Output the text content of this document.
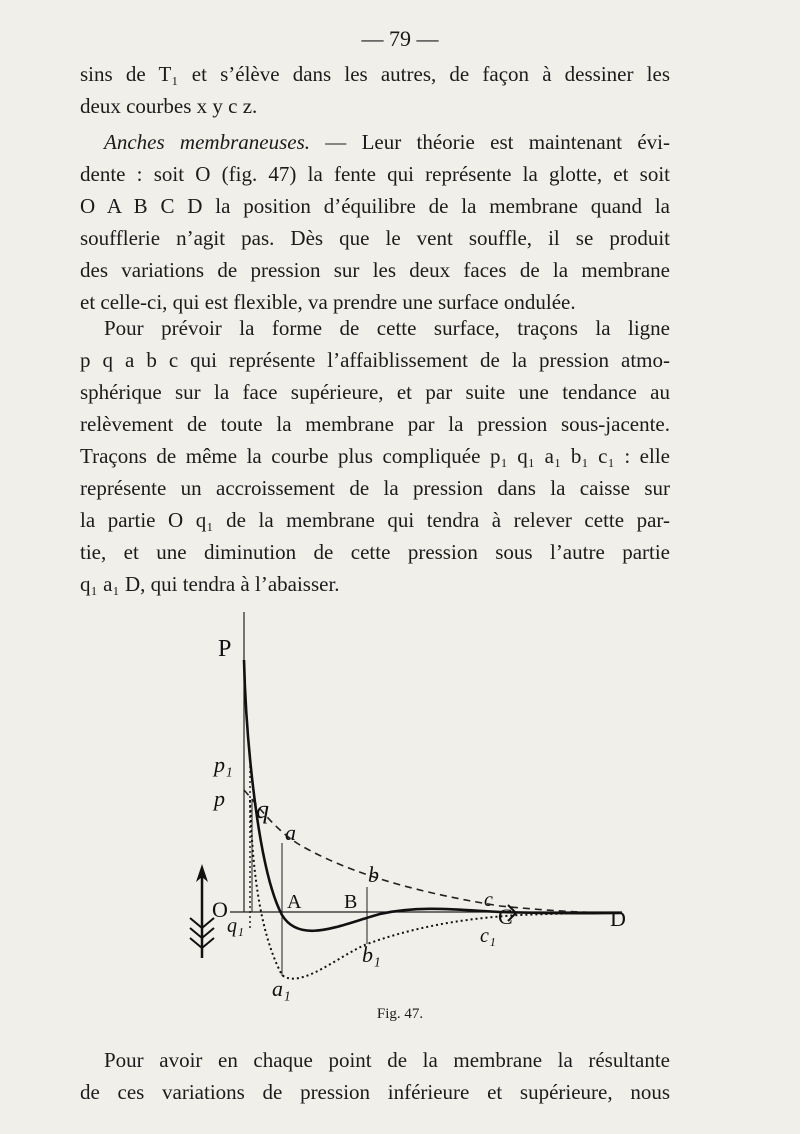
— 79 —
sins de T₁ et s’élève dans les autres, de façon à dessiner les
deux courbes x y c z.
Anches membraneuses. — Leur théorie est maintenant évi-
dente : soit O (fig. 47) la fente qui représente la glotte, et soit
O A B C D la position d’équilibre de la membrane quand la
soufflerie n’agit pas. Dès que le vent souffle, il se produit
des variations de pression sur les deux faces de la membrane
et celle-ci, qui est flexible, va prendre une surface ondulée.
Pour prévoir la forme de cette surface, traçons la ligne
p q a b c qui représente l’affaiblissement de la pression atmo-
sphérique sur la face supérieure, et par suite une tendance au
relèvement de toute la membrane par la pression sous-jacente.
Traçons de même la courbe plus compliquée p₁ q₁ a₁ b₁ c₁ : elle
représente un accroissement de la pression dans la caisse sur
la partie O q₁ de la membrane qui tendra à relever cette par-
tie, et une diminution de cette pression sous l’autre partie
q₁ a₁ D, qui tendra à l’abaisser.
P
p₁
p q
a
b
c
O
q₁
A B
C	D
c₁
b₁
a₁
Fig. 47.
Pour avoir en chaque point de la membrane la résultante
de ces variations de pression inférieure et supérieure, nous
